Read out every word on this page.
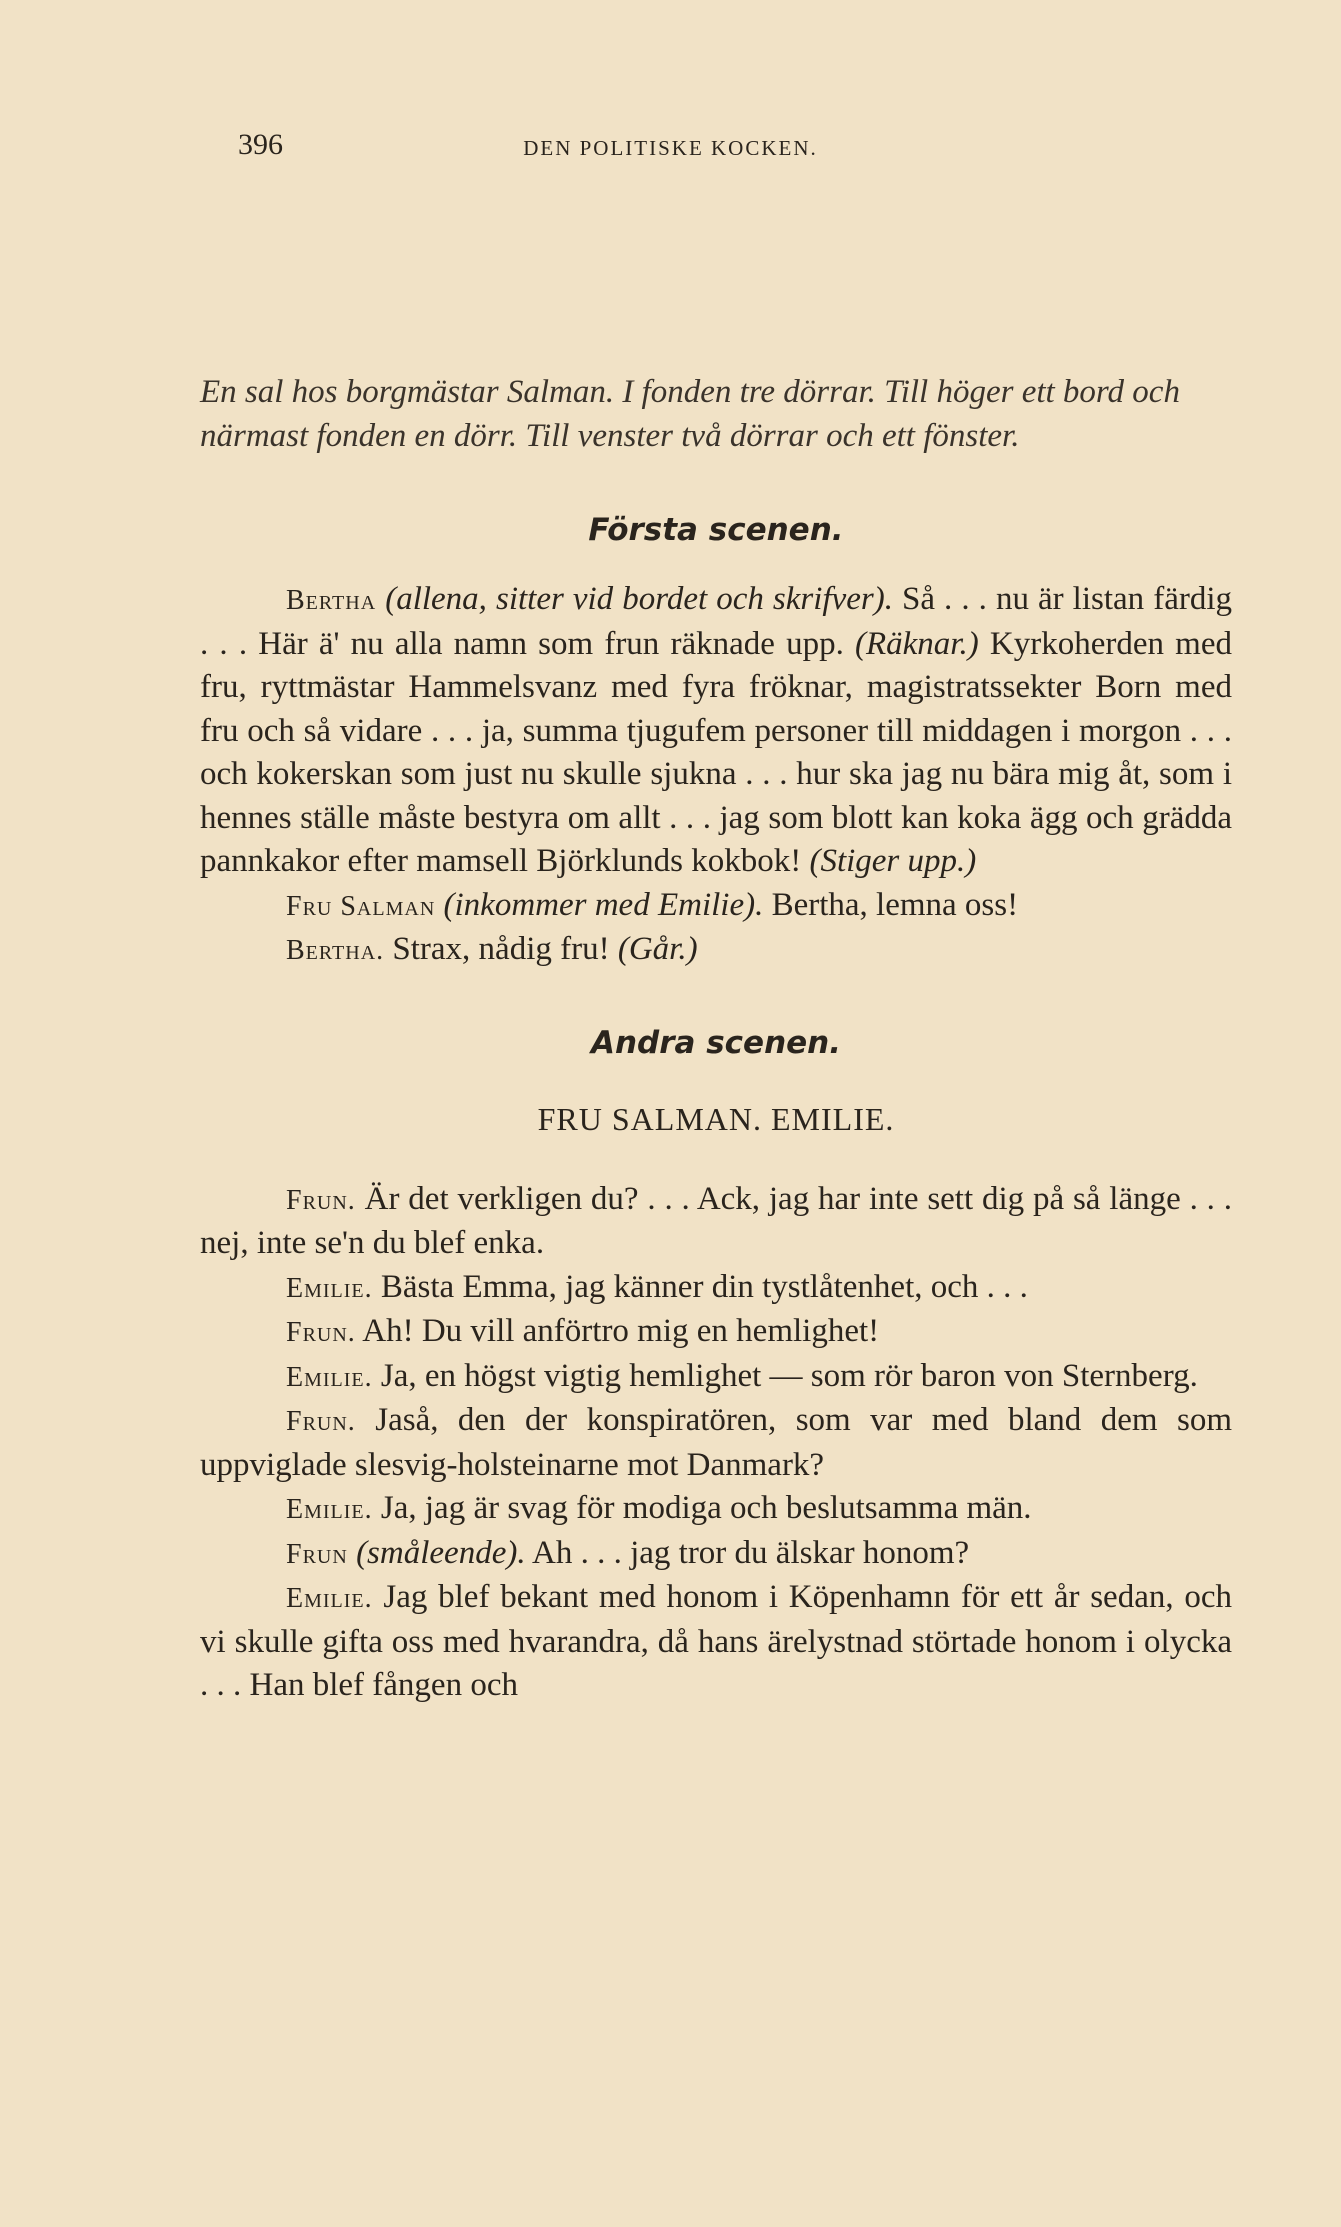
396	DEN POLITISKE KOCKEN.

En sal hos borgmästar Salman. I fonden tre dörrar. Till höger ett bord och närmast fonden en dörr. Till venster två dörrar och ett fönster.

Första scenen.

Bertha (allena, sitter vid bordet och skrifver). Så . . . nu är listan färdig . . . Här ä' nu alla namn som frun räknade upp. (Räknar.) Kyrkoherden med fru, ryttmästar Hammelsvanz med fyra fröknar, magistratssekter Born med fru och så vidare . . . ja, summa tjugufem personer till middagen i morgon . . . och kokerskan som just nu skulle sjukna . . . hur ska jag nu bära mig åt, som i hennes ställe måste bestyra om allt . . . jag som blott kan koka ägg och grädda pannkakor efter mamsell Björklunds kokbok! (Stiger upp.)

Fru Salman (inkommer med Emilie). Bertha, lemna oss!

Bertha. Strax, nådig fru! (Går.)

Andra scenen.

FRU SALMAN. EMILIE.

Frun. Är det verkligen du? . . . Ack, jag har inte sett dig på så länge . . . nej, inte se'n du blef enka.

Emilie. Bästa Emma, jag känner din tystlåtenhet, och . . .

Frun. Ah! Du vill anförtro mig en hemlighet!

Emilie. Ja, en högst vigtig hemlighet — som rör baron von Sternberg.

Frun. Jaså, den der konspiratören, som var med bland dem som uppviglade slesvig-holsteinarne mot Danmark?

Emilie. Ja, jag är svag för modiga och beslutsamma män.

Frun (småleende). Ah . . . jag tror du älskar honom?

Emilie. Jag blef bekant med honom i Köpenhamn för ett år sedan, och vi skulle gifta oss med hvarandra, då hans ärelystnad störtade honom i olycka . . . Han blef fången och
